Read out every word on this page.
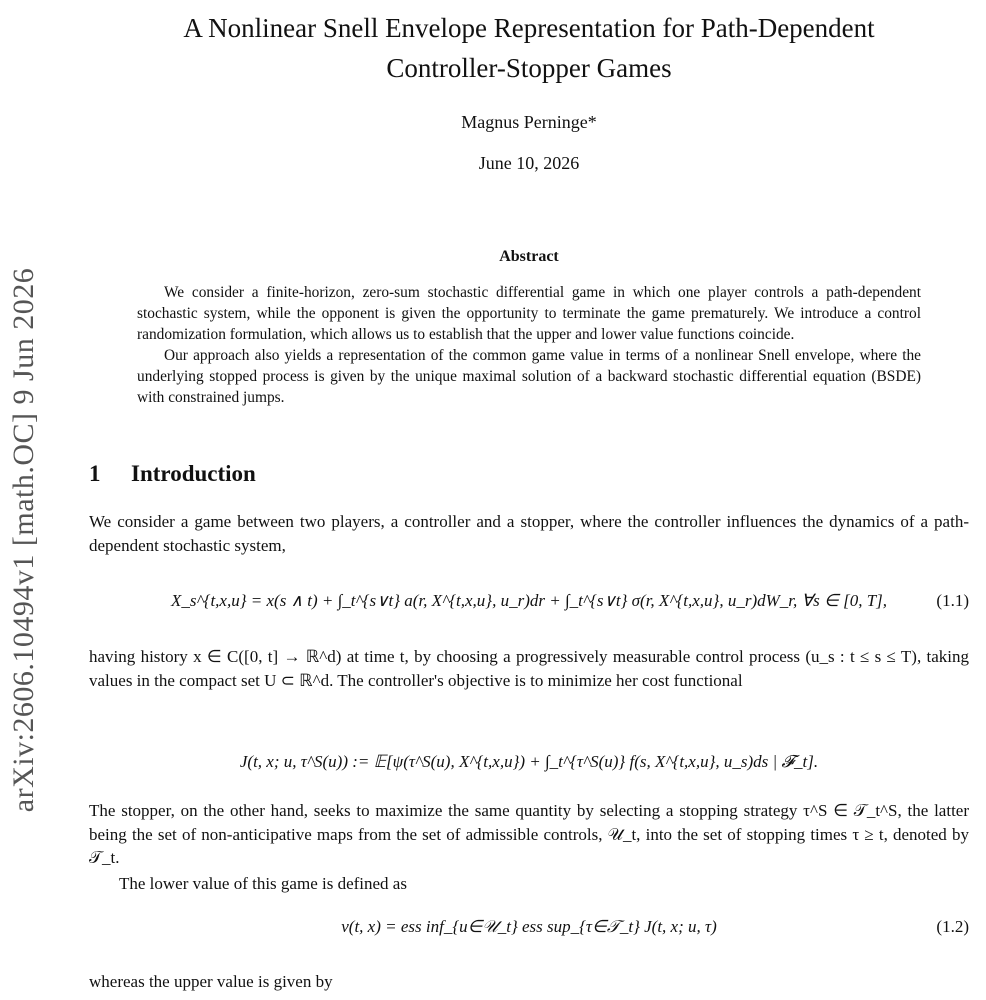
arXiv:2606.10494v1 [math.OC] 9 Jun 2026
A Nonlinear Snell Envelope Representation for Path-Dependent
Controller-Stopper Games
Magnus Perninge*
June 10, 2026
Abstract

We consider a finite-horizon, zero-sum stochastic differential game in which one player controls a path-dependent stochastic system, while the opponent is given the opportunity to terminate the game prematurely. We introduce a control randomization formulation, which allows us to establish that the upper and lower value functions coincide.

Our approach also yields a representation of the common game value in terms of a nonlinear Snell envelope, where the underlying stopped process is given by the unique maximal solution of a backward stochastic differential equation (BSDE) with constrained jumps.

1 Introduction

We consider a game between two players, a controller and a stopper, where the controller influences the dynamics of a path-dependent stochastic system,

X_s^{t,x,u} = x(s ∧ t) + ∫_t^{s∨t} a(r, X^{t,x,u}, u_r)dr + ∫_t^{s∨t} σ(r, X^{t,x,u}, u_r)dW_r, ∀s ∈ [0, T],	(1.1)

having history x ∈ C([0, t] → ℝ^d) at time t, by choosing a progressively measurable control process (u_s : t ≤ s ≤ T), taking values in the compact set U ⊂ ℝ^d. The controller's objective is to minimize her cost functional

J(t, x; u, τ^S(u)) := 𝔼[ψ(τ^S(u), X^{t,x,u}) + ∫_t^{τ^S(u)} f(s, X^{t,x,u}, u_s)ds | 𝓕_t].

The stopper, on the other hand, seeks to maximize the same quantity by selecting a stopping strategy τ^S ∈ 𝒯_t^S, the latter being the set of non-anticipative maps from the set of admissible controls, 𝒰_t, into the set of stopping times τ ≥ t, denoted by 𝒯_t.

The lower value of this game is defined as

v(t, x) = ess inf_{u∈𝒰_t} ess sup_{τ∈𝒯_t} J(t, x; u, τ)	(1.2)

whereas the upper value is given by
